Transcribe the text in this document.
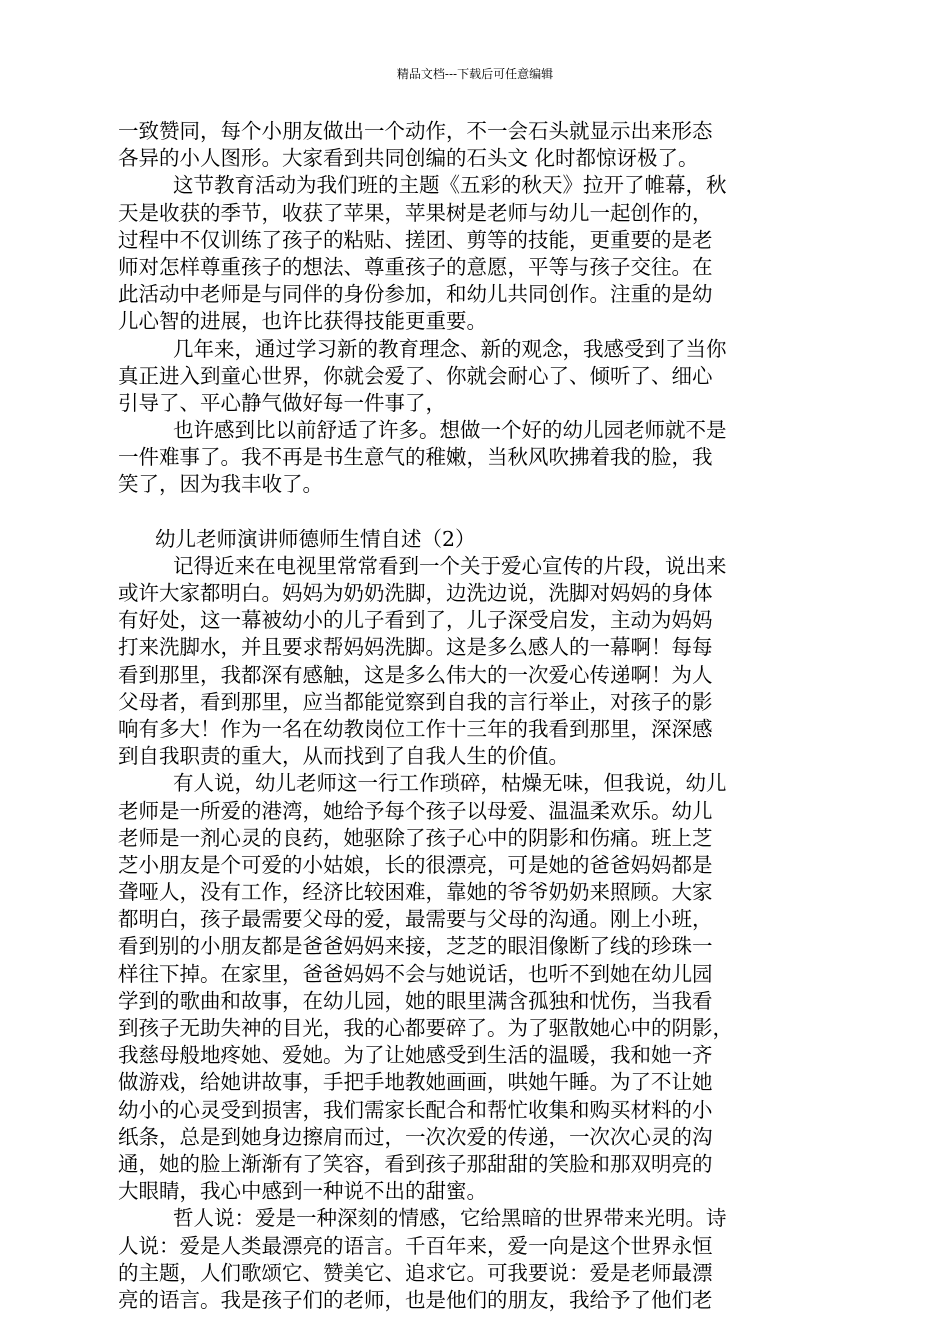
精品文档---下载后可任意编辑
一致赞同，每个小朋友做出一个动作，不一会石头就显示出来形态
各异的小人图形。大家看到共同创编的石头文 化时都惊讶极了。
这节教育活动为我们班的主题《五彩的秋天》拉开了帷幕，秋
天是收获的季节，收获了苹果，苹果树是老师与幼儿一起创作的，
过程中不仅训练了孩子的粘贴、搓团、剪等的技能，更重要的是老
师对怎样尊重孩子的想法、尊重孩子的意愿，平等与孩子交往。在
此活动中老师是与同伴的身份参加，和幼儿共同创作。注重的是幼
儿心智的进展，也许比获得技能更重要。
几年来，通过学习新的教育理念、新的观念，我感受到了当你
真正进入到童心世界，你就会爱了、你就会耐心了、倾听了、细心
引导了、平心静气做好每一件事了，
也许感到比以前舒适了许多。想做一个好的幼儿园老师就不是
一件难事了。我不再是书生意气的稚嫩，当秋风吹拂着我的脸，我
笑了，因为我丰收了。
幼儿老师演讲师德师生情自述（2）
记得近来在电视里常常看到一个关于爱心宣传的片段，说出来
或许大家都明白。妈妈为奶奶洗脚，边洗边说，洗脚对妈妈的身体
有好处，这一幕被幼小的儿子看到了，儿子深受启发，主动为妈妈
打来洗脚水，并且要求帮妈妈洗脚。这是多么感人的一幕啊！每每
看到那里，我都深有感触，这是多么伟大的一次爱心传递啊！为人
父母者，看到那里，应当都能觉察到自我的言行举止，对孩子的影
响有多大！作为一名在幼教岗位工作十三年的我看到那里，深深感
到自我职责的重大，从而找到了自我人生的价值。
有人说，幼儿老师这一行工作琐碎，枯燥无味，但我说，幼儿
老师是一所爱的港湾，她给予每个孩子以母爱、温温柔欢乐。幼儿
老师是一剂心灵的良药，她驱除了孩子心中的阴影和伤痛。班上芝
芝小朋友是个可爱的小姑娘，长的很漂亮，可是她的爸爸妈妈都是
聋哑人，没有工作，经济比较困难，靠她的爷爷奶奶来照顾。大家
都明白，孩子最需要父母的爱，最需要与父母的沟通。刚上小班，
看到别的小朋友都是爸爸妈妈来接，芝芝的眼泪像断了线的珍珠一
样往下掉。在家里，爸爸妈妈不会与她说话，也听不到她在幼儿园
学到的歌曲和故事，在幼儿园，她的眼里满含孤独和忧伤，当我看
到孩子无助失神的目光，我的心都要碎了。为了驱散她心中的阴影，
我慈母般地疼她、爱她。为了让她感受到生活的温暖，我和她一齐
做游戏，给她讲故事，手把手地教她画画，哄她午睡。为了不让她
幼小的心灵受到损害，我们需家长配合和帮忙收集和购买材料的小
纸条，总是到她身边擦肩而过，一次次爱的传递，一次次心灵的沟
通，她的脸上渐渐有了笑容，看到孩子那甜甜的笑脸和那双明亮的
大眼睛，我心中感到一种说不出的甜蜜。
哲人说：爱是一种深刻的情感，它给黑暗的世界带来光明。诗
人说：爱是人类最漂亮的语言。千百年来，爱一向是这个世界永恒
的主题，人们歌颂它、赞美它、追求它。可我要说：爱是老师最漂
亮的语言。我是孩子们的老师，也是他们的朋友，我给予了他们老
